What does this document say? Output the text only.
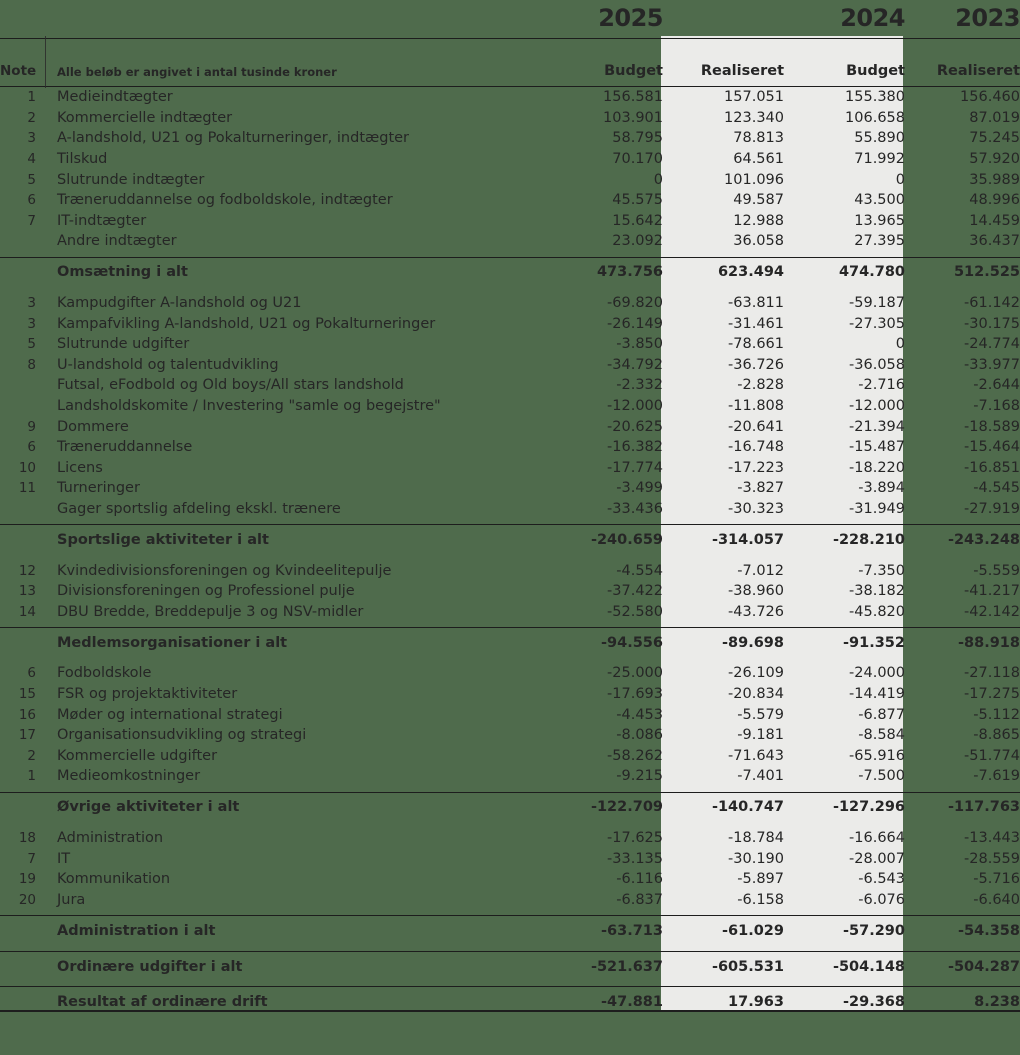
		2025		2024	2023
Note	Alle beløb er angivet i antal tusinde kroner	Budget	Realiseret	Budget	Realiseret
1	Medieindtægter	156.581	157.051	155.380	156.460
2	Kommercielle indtægter	103.901	123.340	106.658	87.019
3	A-landshold, U21 og Pokalturneringer, indtægter	58.795	78.813	55.890	75.245
4	Tilskud	70.170	64.561	71.992	57.920
5	Slutrunde indtægter	0	101.096	0	35.989
6	Træneruddannelse og fodboldskole, indtægter	45.575	49.587	43.500	48.996
7	IT-indtægter	15.642	12.988	13.965	14.459
	Andre indtægter	23.092	36.058	27.395	36.437

	Omsætning i alt	473.756	623.494	474.780	512.525

3	Kampudgifter A-landshold og U21	-69.820	-63.811	-59.187	-61.142
3	Kampafvikling A-landshold, U21 og Pokalturneringer	-26.149	-31.461	-27.305	-30.175
5	Slutrunde udgifter	-3.850	-78.661	0	-24.774
8	U-landshold og talentudvikling	-34.792	-36.726	-36.058	-33.977
	Futsal, eFodbold og Old boys/All stars landshold	-2.332	-2.828	-2.716	-2.644
	Landsholdskomite / Investering "samle og begejstre"	-12.000	-11.808	-12.000	-7.168
9	Dommere	-20.625	-20.641	-21.394	-18.589
6	Træneruddannelse	-16.382	-16.748	-15.487	-15.464
10	Licens	-17.774	-17.223	-18.220	-16.851
11	Turneringer	-3.499	-3.827	-3.894	-4.545
	Gager sportslig afdeling ekskl. trænere	-33.436	-30.323	-31.949	-27.919

	Sportslige aktiviteter i alt	-240.659	-314.057	-228.210	-243.248

12	Kvindedivisionsforeningen og Kvindeelitepulje	-4.554	-7.012	-7.350	-5.559
13	Divisionsforeningen og Professionel pulje	-37.422	-38.960	-38.182	-41.217
14	DBU Bredde, Breddepulje 3 og NSV-midler	-52.580	-43.726	-45.820	-42.142

	Medlemsorganisationer i alt	-94.556	-89.698	-91.352	-88.918

6	Fodboldskole	-25.000	-26.109	-24.000	-27.118
15	FSR og projektaktiviteter	-17.693	-20.834	-14.419	-17.275
16	Møder og international strategi	-4.453	-5.579	-6.877	-5.112
17	Organisationsudvikling og strategi	-8.086	-9.181	-8.584	-8.865
2	Kommercielle udgifter	-58.262	-71.643	-65.916	-51.774
1	Medieomkostninger	-9.215	-7.401	-7.500	-7.619

	Øvrige aktiviteter i alt	-122.709	-140.747	-127.296	-117.763

18	Administration	-17.625	-18.784	-16.664	-13.443
7	IT	-33.135	-30.190	-28.007	-28.559
19	Kommunikation	-6.116	-5.897	-6.543	-5.716
20	Jura	-6.837	-6.158	-6.076	-6.640

	Administration i alt	-63.713	-61.029	-57.290	-54.358

	Ordinære udgifter i alt	-521.637	-605.531	-504.148	-504.287

	Resultat af ordinære drift	-47.881	17.963	-29.368	8.238
